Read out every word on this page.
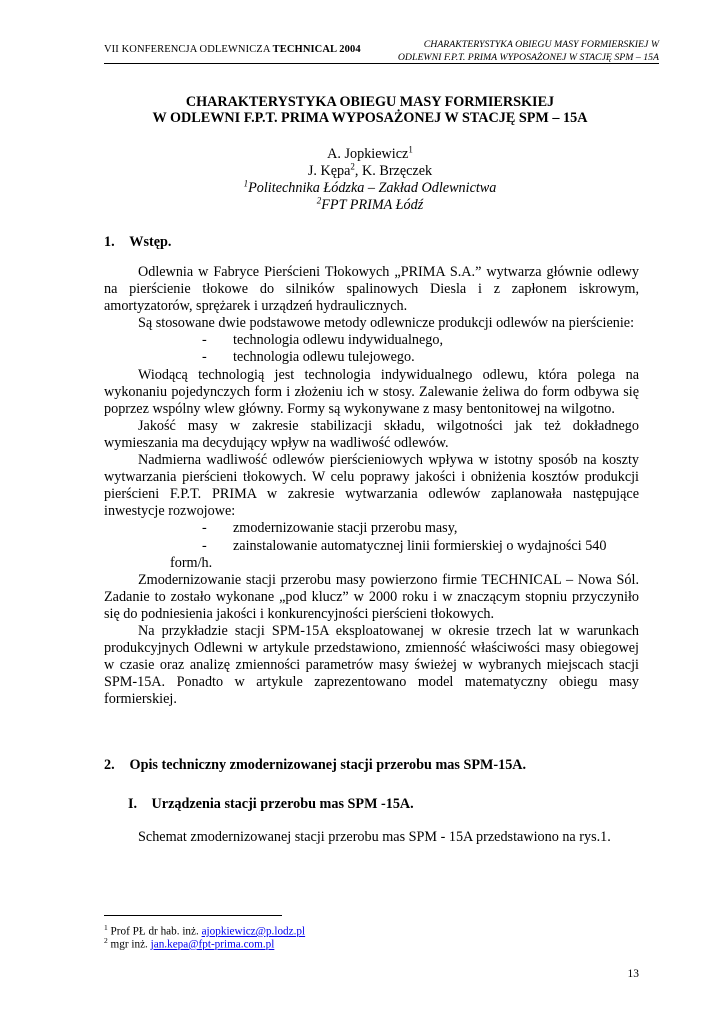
VII KONFERENCJA ODLEWNICZA TECHNICAL 2004	CHARAKTERYSTYKA OBIEGU MASY FORMIERSKIEJ W
ODLEWNI F.P.T. PRIMA WYPOSAŻONEJ W STACJĘ SPM – 15A
CHARAKTERYSTYKA OBIEGU MASY FORMIERSKIEJ
W ODLEWNI F.P.T. PRIMA WYPOSAŻONEJ W STACJĘ SPM – 15A
A. Jopkiewicz$^1$
J. Kępa$^2$, K. Brzęczek
$^1$Politechnika Łódzka – Zakład Odlewnictwa
$^2$FPT PRIMA Łódź
1. Wstęp.

Odlewnia w Fabryce Pierścieni Tłokowych „PRIMA S.A.” wytwarza głównie odlewy na pierścienie tłokowe do silników spalinowych Diesla i z zapłonem iskrowym, amortyzatorów, sprężarek i urządzeń hydraulicznych.

Są stosowane dwie podstawowe metody odlewnicze produkcji odlewów na pierścienie:

- technologia odlewu indywidualnego,
- technologia odlewu tulejowego.

Wiodącą technologią jest technologia indywidualnego odlewu, która polega na wykonaniu pojedynczych form i złożeniu ich w stosy. Zalewanie żeliwa do form odbywa się poprzez wspólny wlew główny. Formy są wykonywane z masy bentonitowej na wilgotno.

Jakość masy w zakresie stabilizacji składu, wilgotności jak też dokładnego wymieszania ma decydujący wpływ na wadliwość odlewów.

Nadmierna wadliwość odlewów pierścieniowych wpływa w istotny sposób na koszty wytwarzania pierścieni tłokowych. W celu poprawy jakości i obniżenia kosztów produkcji pierścieni F.P.T. PRIMA w zakresie wytwarzania odlewów zaplanowała następujące inwestycje rozwojowe:

- zmodernizowanie stacji przerobu masy,
- zainstalowanie automatycznej linii formierskiej o wydajności 540
form/h.

Zmodernizowanie stacji przerobu masy powierzono firmie TECHNICAL – Nowa Sól. Zadanie to zostało wykonane „pod klucz” w 2000 roku i w znaczącym stopniu przyczyniło się do podniesienia jakości i konkurencyjności pierścieni tłokowych.

Na przykładzie stacji SPM-15A eksploatowanej w okresie trzech lat w warunkach produkcyjnych Odlewni w artykule przedstawiono, zmienność właściwości masy obiegowej w czasie oraz analizę zmienności parametrów masy świeżej w wybranych miejscach stacji SPM-15A. Ponadto w artykule zaprezentowano model matematyczny obiegu masy formierskiej.

2. Opis techniczny zmodernizowanej stacji przerobu mas SPM-15A.
I. Urządzenia stacji przerobu mas SPM -15A.
Schemat zmodernizowanej stacji przerobu mas SPM - 15A przedstawiono na rys.1.
$^1$ Prof PŁ dr hab. inż. ajopkiewicz@p.lodz.pl
$^2$ mgr inż. jan.kepa@fpt-prima.com.pl
13
